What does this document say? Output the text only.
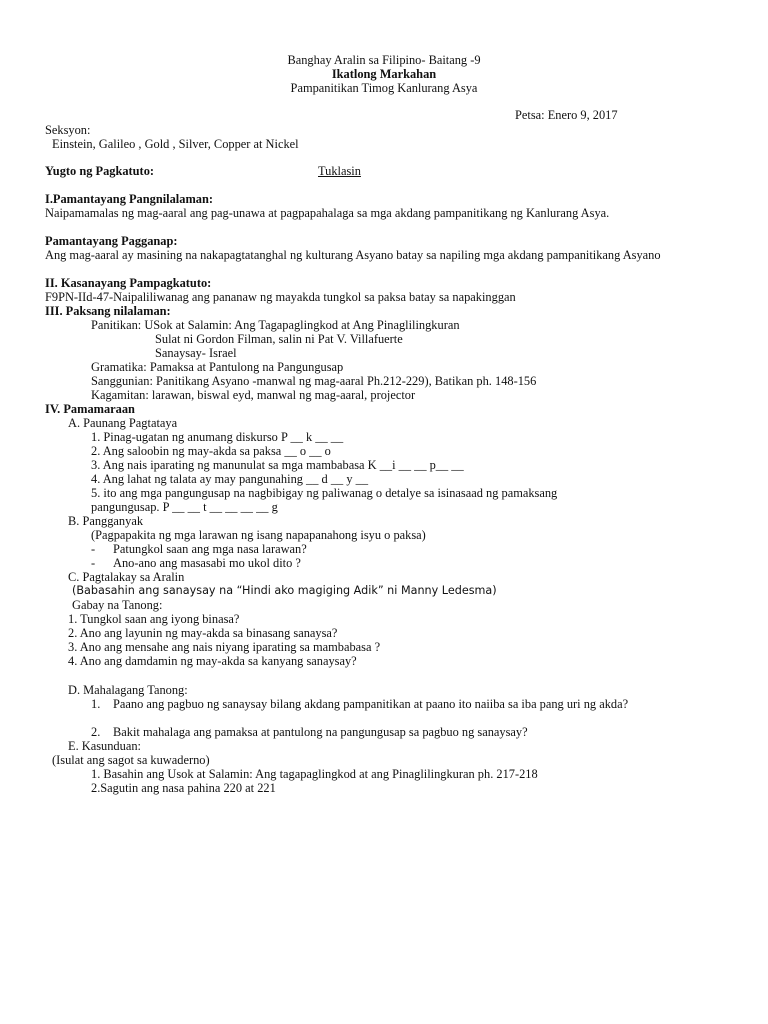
Banghay Aralin sa Filipino- Baitang -9
Ikatlong Markahan
Pampanitikan Timog Kanlurang Asya
Petsa: Enero 9, 2017
Seksyon:
Einstein, Galileo , Gold , Silver, Copper at Nickel
Yugto ng Pagkatuto:	Tuklasin
I.Pamantayang Pangnilalaman:
Naipamamalas ng mag-aaral ang pag-unawa at pagpapahalaga sa mga akdang pampanitikang ng Kanlurang Asya.
Pamantayang Pagganap:
Ang mag-aaral ay masining na nakapagtatanghal ng kulturang Asyano batay sa napiling mga akdang pampanitikang Asyano
II. Kasanayang Pampagkatuto:
F9PN-IId-47-Naipaliliwanag ang pananaw ng mayakda tungkol sa paksa batay sa napakinggan
III. Paksang nilalaman:
Panitikan: USok at Salamin: Ang Tagapaglingkod at Ang Pinaglilingkuran
Sulat ni Gordon Filman, salin ni Pat V. Villafuerte
Sanaysay- Israel
Gramatika: Pamaksa at Pantulong na Pangungusap
Sanggunian: Panitikang Asyano -manwal ng mag-aaral Ph.212-229), Batikan ph. 148-156
Kagamitan: larawan, biswal eyd, manwal ng mag-aaral, projector
IV. Pamamaraan
A. Paunang Pagtataya
1. Pinag-ugatan ng anumang diskurso P __ k __ __
2. Ang saloobin ng may-akda sa paksa __ o __ o
3. Ang nais iparating ng manunulat sa mga mambabasa K __i __ __ p__ __
4. Ang lahat ng talata ay may pangunahing __ d __ y __
5. ito ang mga pangungusap na nagbibigay ng paliwanag o detalye sa isinasaad ng pamaksang
pangungusap. P __ __ t __ __ __ __ g
B. Pangganyak
(Pagpapakita ng mga larawan ng isang napapanahong isyu o paksa)
- Patungkol saan ang mga nasa larawan?
- Ano-ano ang masasabi mo ukol dito ?
C. Pagtalakay sa Aralin
(Babasahin ang sanaysay na “Hindi ako magiging Adik” ni Manny Ledesma)
Gabay na Tanong:
1. Tungkol saan ang iyong binasa?
2. Ano ang layunin ng may-akda sa binasang sanaysa?
3. Ano ang mensahe ang nais niyang iparating sa mambabasa ?
4. Ano ang damdamin ng may-akda sa kanyang sanaysay?
D. Mahalagang Tanong:
1. Paano ang pagbuo ng sanaysay bilang akdang pampanitikan at paano ito naiiba sa iba pang uri ng akda?
2. Bakit mahalaga ang pamaksa at pantulong na pangungusap sa pagbuo ng sanaysay?
E. Kasunduan:
(Isulat ang sagot sa kuwaderno)
1. Basahin ang Usok at Salamin: Ang tagapaglingkod at ang Pinaglilingkuran ph. 217-218
2.Sagutin ang nasa pahina 220 at 221
